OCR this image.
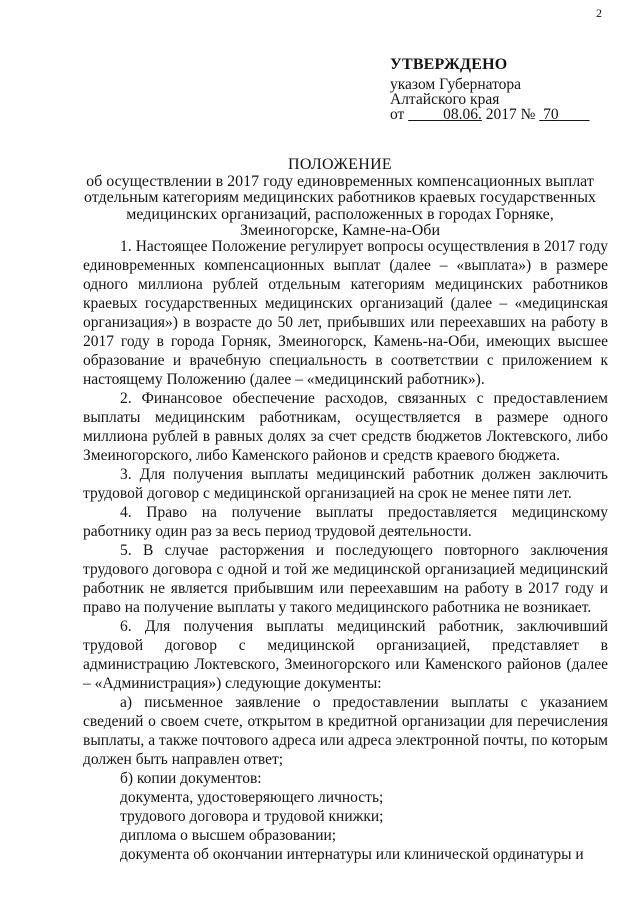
2
УТВЕРЖДЕНО
указом Губернатора
Алтайского края
от	08.06. 2017 № 70
ПОЛОЖЕНИЕ
об осуществлении в 2017 году единовременных компенсационных выплат
отдельным категориям медицинских работников краевых государственных
медицинских организаций, расположенных в городах Горняке,
Змеиногорске, Камне-на-Оби

1. Настоящее Положение регулирует вопросы осуществления в 2017 году единовременных компенсационных выплат (далее – «выплата») в размере одного миллиона рублей отдельным категориям медицинских работников краевых государственных медицинских организаций (далее – «медицинская организация») в возрасте до 50 лет, прибывших или переехавших на работу в 2017 году в города Горняк, Змеиногорск, Камень-на-Оби, имеющих высшее образование и врачебную специальность в соответствии с приложением к настоящему Положению (далее – «медицинский работник»).

2. Финансовое обеспечение расходов, связанных с предоставлением выплаты медицинским работникам, осуществляется в размере одного миллиона рублей в равных долях за счет средств бюджетов Локтевского, либо Змеиногорского, либо Каменского районов и средств краевого бюджета.

3. Для получения выплаты медицинский работник должен заключить трудовой договор с медицинской организацией на срок не менее пяти лет.

4. Право на получение выплаты предоставляется медицинскому работнику один раз за весь период трудовой деятельности.

5. В случае расторжения и последующего повторного заключения трудового договора с одной и той же медицинской организацией медицинский работник не является прибывшим или переехавшим на работу в 2017 году и право на получение выплаты у такого медицинского работника не возникает.

6. Для получения выплаты медицинский работник, заключивший трудовой договор с медицинской организацией, представляет в администрацию Локтевского, Змеиногорского или Каменского районов (далее – «Администрация») следующие документы:

а) письменное заявление о предоставлении выплаты с указанием сведений о своем счете, открытом в кредитной организации для перечисления выплаты, а также почтового адреса или адреса электронной почты, по которым должен быть направлен ответ;

б) копии документов:

документа, удостоверяющего личность;

трудового договора и трудовой книжки;

диплома о высшем образовании;

документа об окончании интернатуры или клинической ординатуры и
